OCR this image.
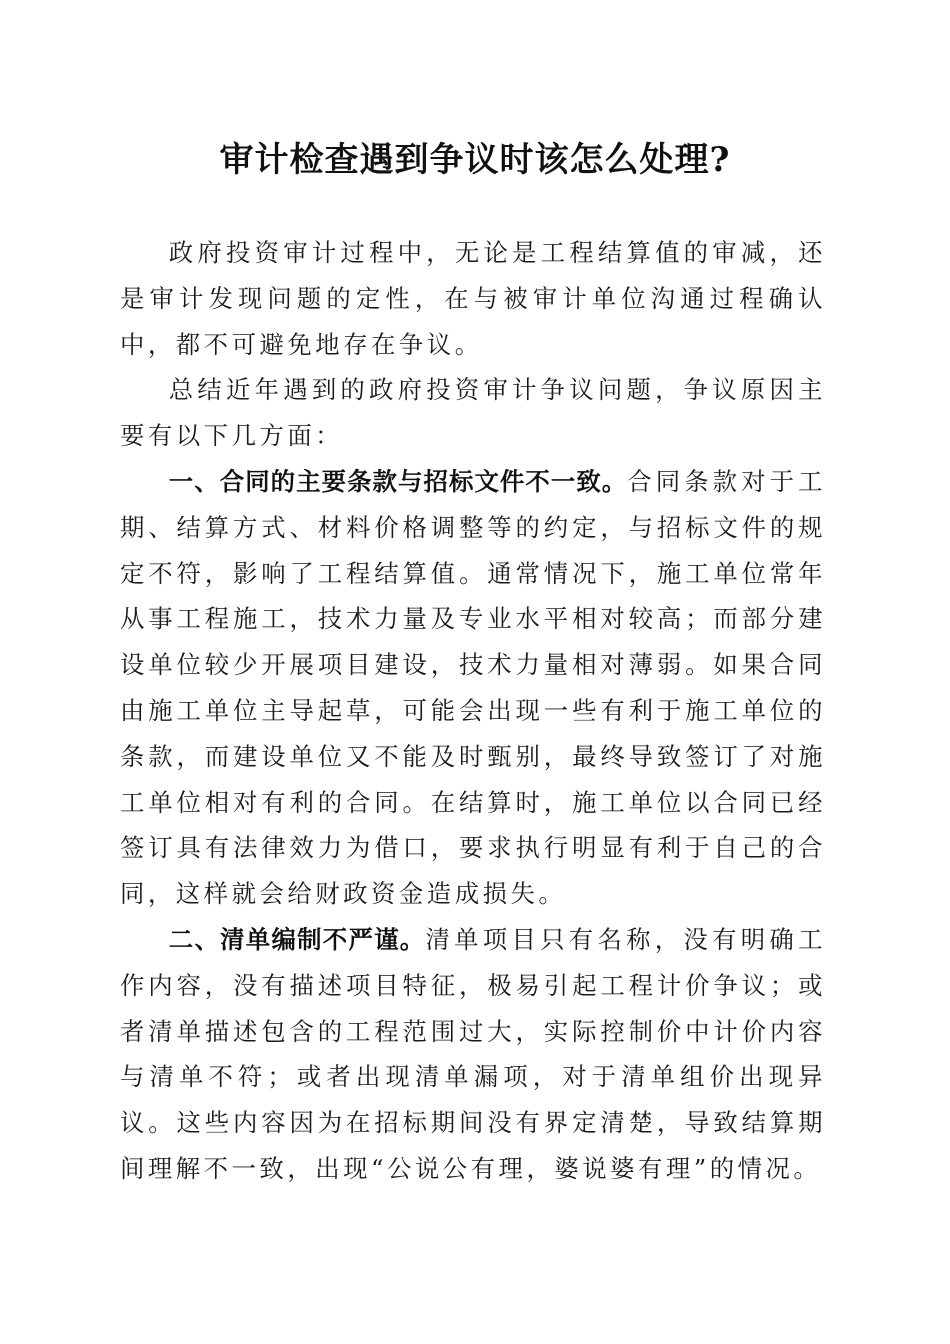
审计检查遇到争议时该怎么处理?

政府投资审计过程中，无论是工程结算值的审减，还是审计发现问题的定性，在与被审计单位沟通过程确认中，都不可避免地存在争议。

总结近年遇到的政府投资审计争议问题，争议原因主要有以下几方面：

一、合同的主要条款与招标文件不一致。合同条款对于工期、结算方式、材料价格调整等的约定，与招标文件的规定不符，影响了工程结算值。通常情况下，施工单位常年从事工程施工，技术力量及专业水平相对较高；而部分建设单位较少开展项目建设，技术力量相对薄弱。如果合同由施工单位主导起草，可能会出现一些有利于施工单位的条款，而建设单位又不能及时甄别，最终导致签订了对施工单位相对有利的合同。在结算时，施工单位以合同已经签订具有法律效力为借口，要求执行明显有利于自己的合同，这样就会给财政资金造成损失。

二、清单编制不严谨。清单项目只有名称，没有明确工作内容，没有描述项目特征，极易引起工程计价争议；或者清单描述包含的工程范围过大，实际控制价中计价内容与清单不符；或者出现清单漏项，对于清单组价出现异议。这些内容因为在招标期间没有界定清楚，导致结算期间理解不一致，出现“公说公有理，婆说婆有理”的情况。
